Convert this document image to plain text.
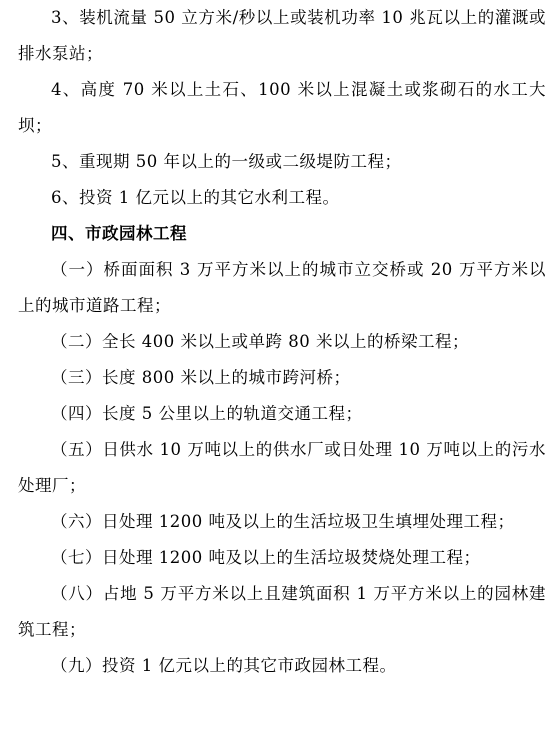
3、装机流量 50 立方米/秒以上或装机功率 10 兆瓦以上的灌溉或排水泵站；

4、高度 70 米以上土石、100 米以上混凝土或浆砌石的水工大坝；

5、重现期 50 年以上的一级或二级堤防工程；

6、投资 1 亿元以上的其它水利工程。

四、市政园林工程

（一）桥面面积 3 万平方米以上的城市立交桥或 20 万平方米以上的城市道路工程；

（二）全长 400 米以上或单跨 80 米以上的桥梁工程；

（三）长度 800 米以上的城市跨河桥；

（四）长度 5 公里以上的轨道交通工程；

（五）日供水 10 万吨以上的供水厂或日处理 10 万吨以上的污水处理厂；

（六）日处理 1200 吨及以上的生活垃圾卫生填埋处理工程；

（七）日处理 1200 吨及以上的生活垃圾焚烧处理工程；

（八）占地 5 万平方米以上且建筑面积 1 万平方米以上的园林建筑工程；

（九）投资 1 亿元以上的其它市政园林工程。
